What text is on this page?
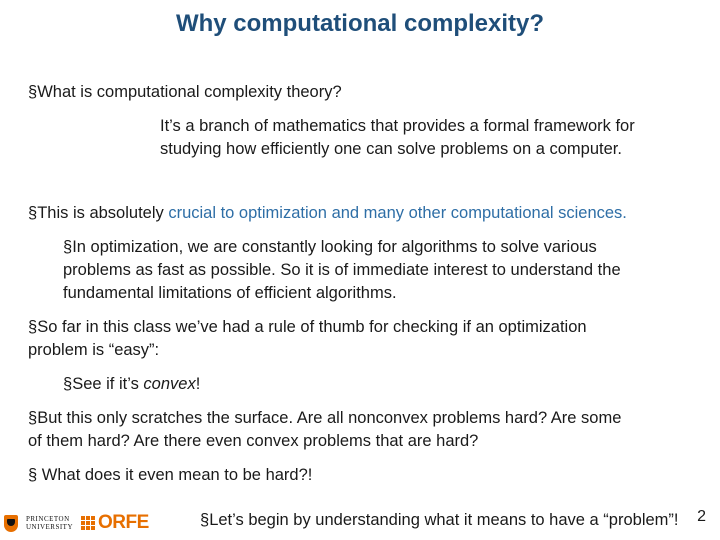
Why computational complexity?
§What is computational complexity theory?
It’s a branch of mathematics that provides a formal framework for
studying how efficiently one can solve problems on a computer.
§This is absolutely crucial to optimization and many other computational sciences.
§In optimization, we are constantly looking for algorithms to solve various
problems as fast as possible. So it is of immediate interest to understand the
fundamental limitations of efficient algorithms.
§So far in this class we’ve had a rule of thumb for checking if an optimization
problem is “easy”:
§See if it’s convex!
§But this only scratches the surface. Are all nonconvex problems hard? Are some
of them hard? Are there even convex problems that are hard?
§ What does it even mean to be hard?!
PRINCETON
UNIVERSITY ORFE	§Let’s begin by understanding what it means to have a “problem”! 2
